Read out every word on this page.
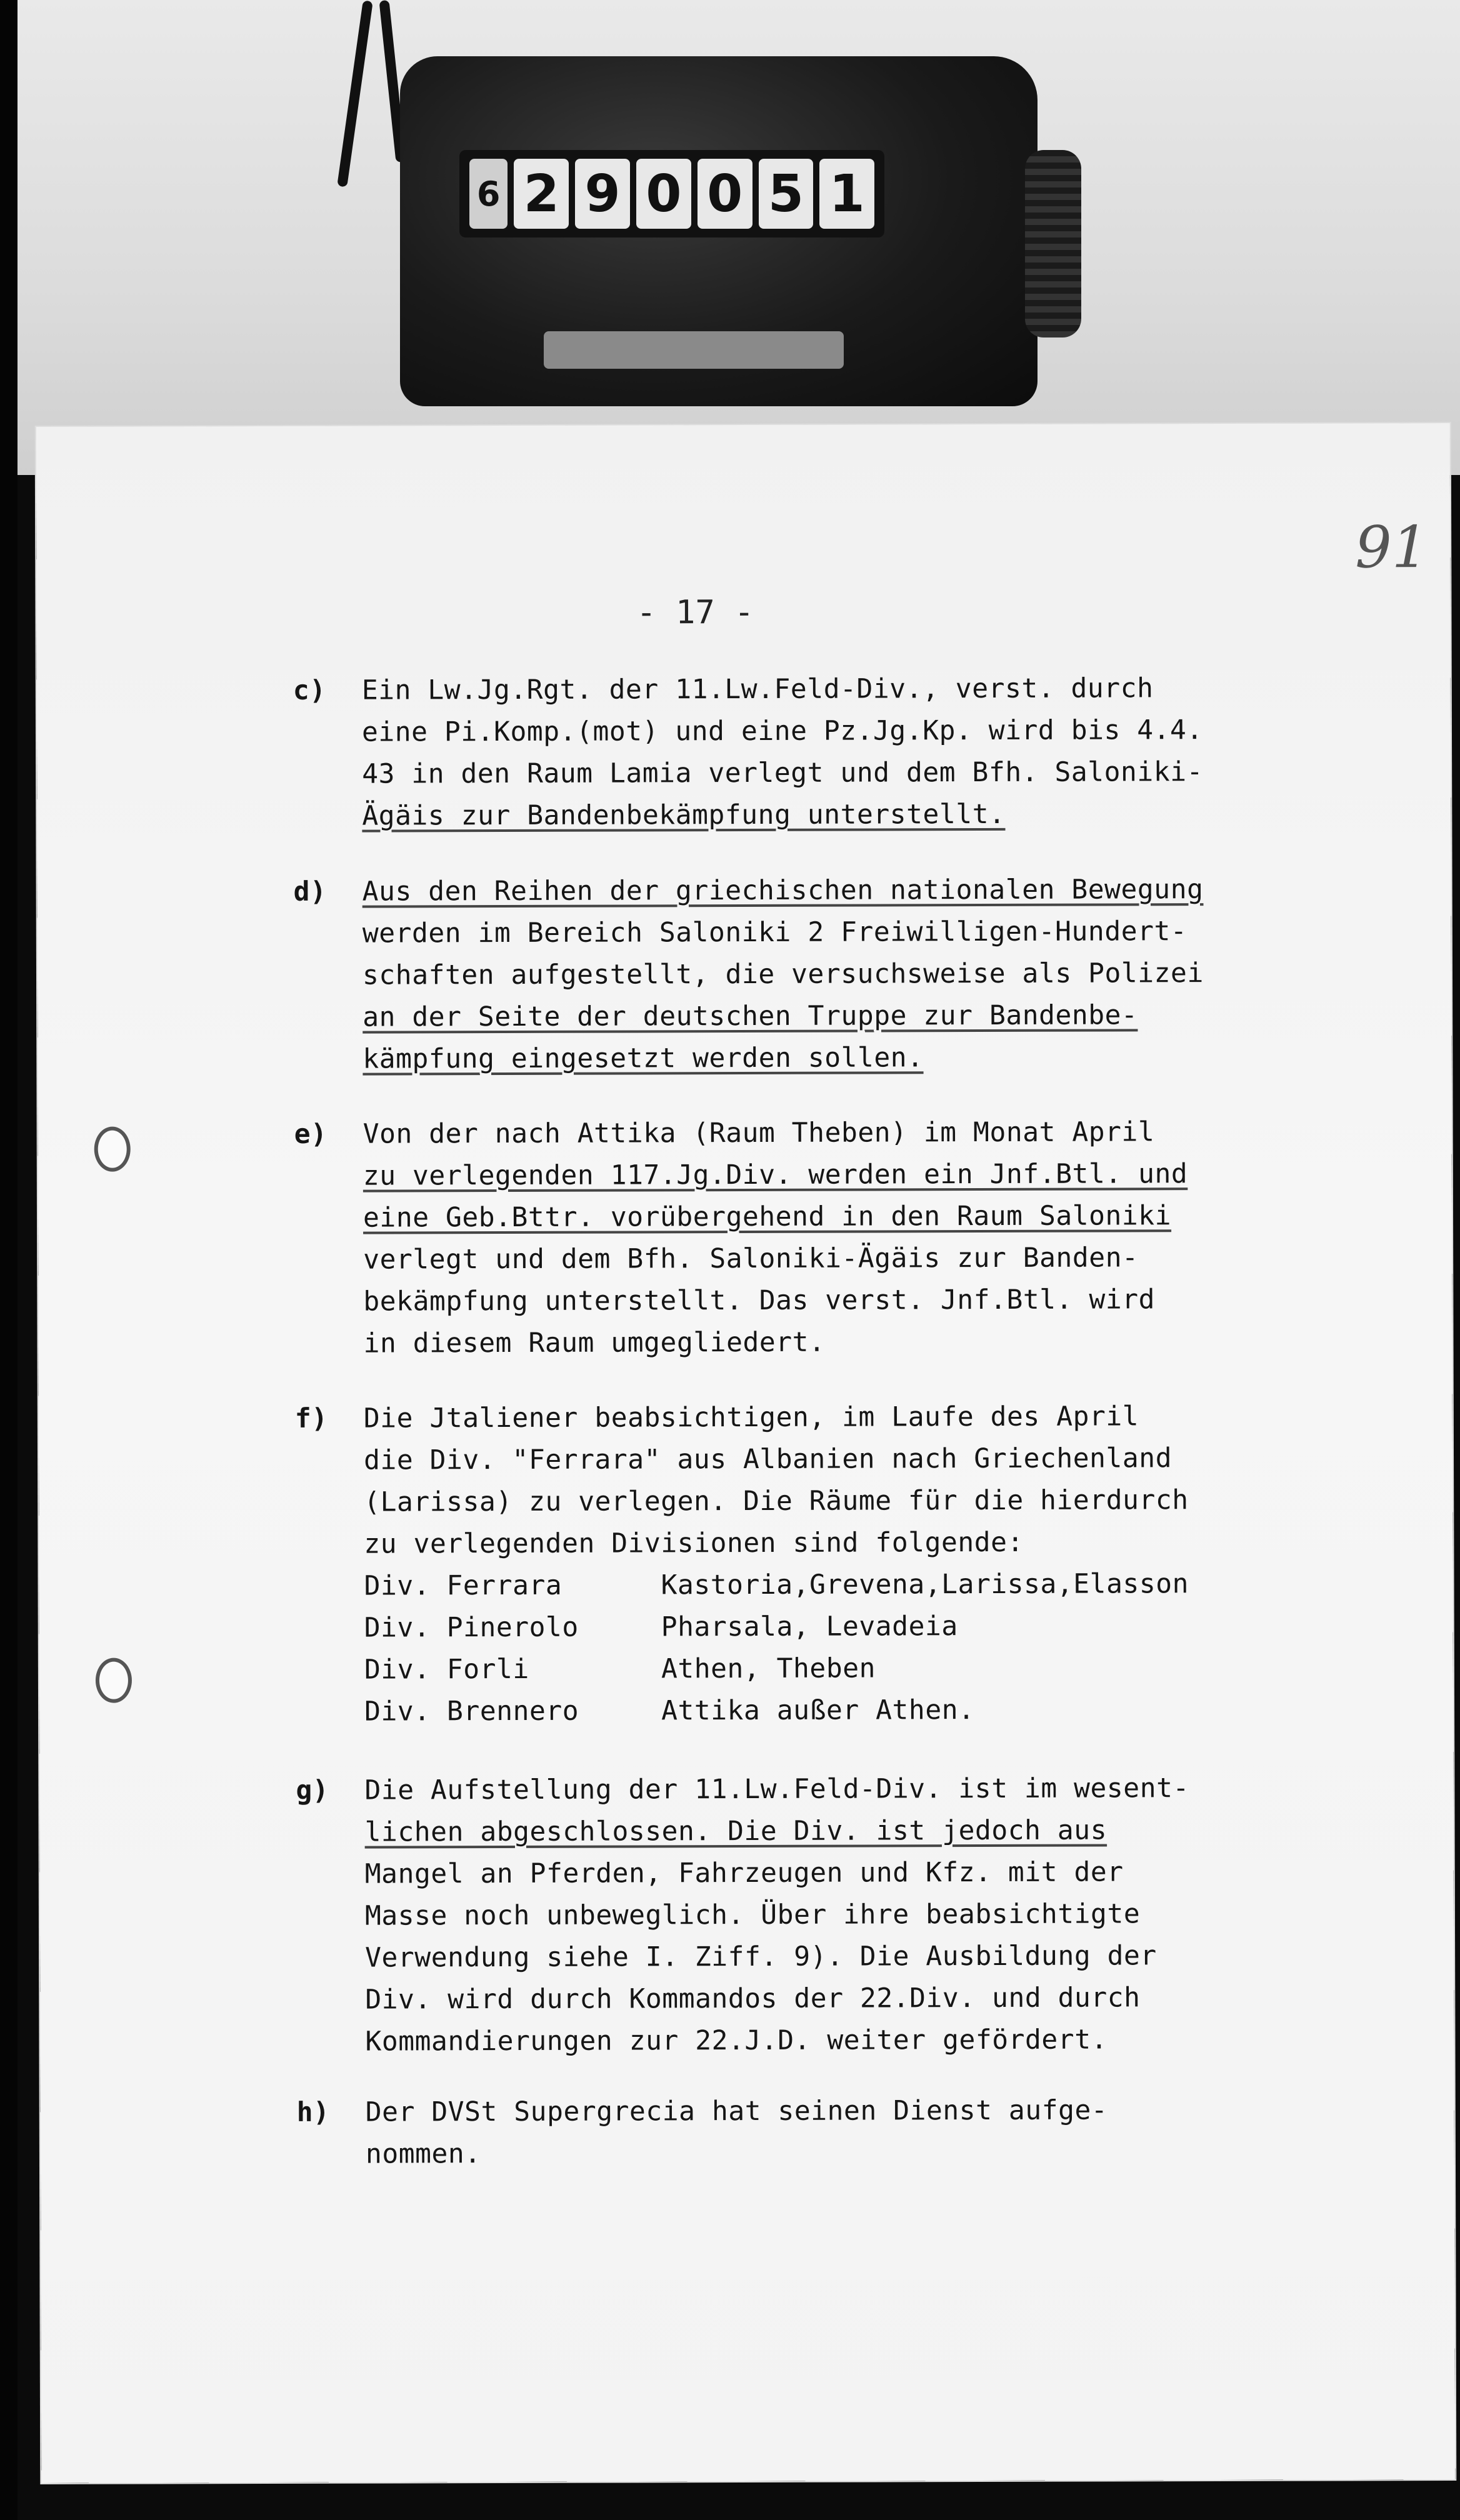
6 2 9 0 0 5 1
91
- 17 -
c) Ein Lw.Jg.Rgt. der 11.Lw.Feld-Div., verst. durch
eine Pi.Komp.(mot) und eine Pz.Jg.Kp. wird bis 4.4.
43 in den Raum Lamia verlegt und dem Bfh. Saloniki-
Ägäis zur Bandenbekämpfung unterstellt.
d) Aus den Reihen der griechischen nationalen Bewegung
werden im Bereich Saloniki 2 Freiwilligen-Hundert-
schaften aufgestellt, die versuchsweise als Polizei
an der Seite der deutschen Truppe zur Bandenbe-
kämpfung eingesetzt werden sollen.
e) Von der nach Attika (Raum Theben) im Monat April
zu verlegenden 117.Jg.Div. werden ein Jnf.Btl. und
eine Geb.Bttr. vorübergehend in den Raum Saloniki
verlegt und dem Bfh. Saloniki-Ägäis zur Banden-
bekämpfung unterstellt. Das verst. Jnf.Btl. wird
in diesem Raum umgegliedert.
f) Die Jtaliener beabsichtigen, im Laufe des April
die Div. "Ferrara" aus Albanien nach Griechenland
(Larissa) zu verlegen. Die Räume für die hierdurch
zu verlegenden Divisionen sind folgende:
Div. Ferrara	Kastoria,Grevena,Larissa,Elasson
Div. Pinerolo	Pharsala, Levadeia
Div. Forli	Athen, Theben
Div. Brennero	Attika außer Athen.
g) Die Aufstellung der 11.Lw.Feld-Div. ist im wesent-
lichen abgeschlossen. Die Div. ist jedoch aus
Mangel an Pferden, Fahrzeugen und Kfz. mit der
Masse noch unbeweglich. Über ihre beabsichtigte
Verwendung siehe I. Ziff. 9). Die Ausbildung der
Div. wird durch Kommandos der 22.Div. und durch
Kommandierungen zur 22.J.D. weiter gefördert.
h) Der DVSt Supergrecia hat seinen Dienst aufge-
nommen.
